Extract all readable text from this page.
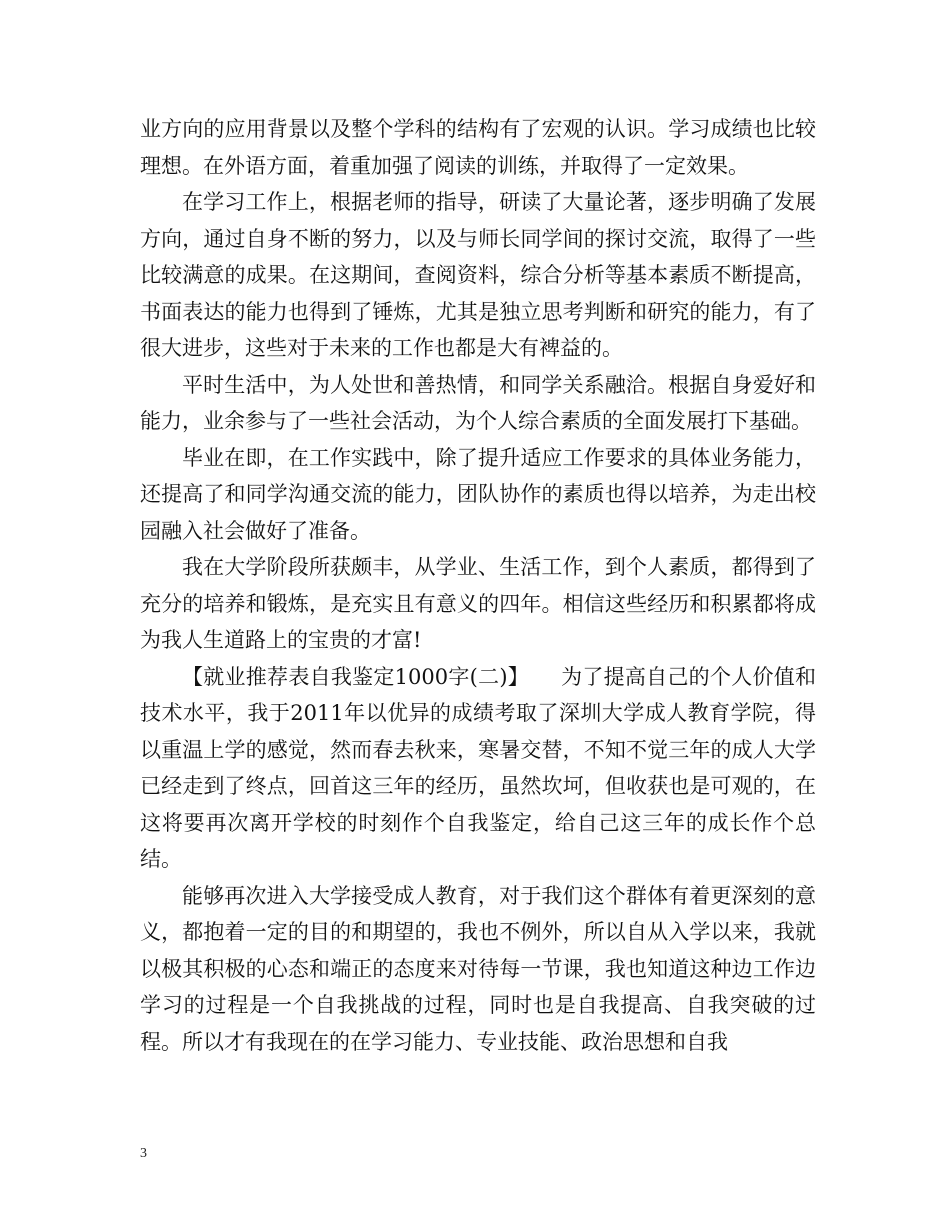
业方向的应用背景以及整个学科的结构有了宏观的认识。学习成绩也比较理想。在外语方面，着重加强了阅读的训练，并取得了一定效果。

在学习工作上，根据老师的指导，研读了大量论著，逐步明确了发展方向，通过自身不断的努力，以及与师长同学间的探讨交流，取得了一些比较满意的成果。在这期间，查阅资料，综合分析等基本素质不断提高，书面表达的能力也得到了锤炼，尤其是独立思考判断和研究的能力，有了很大进步，这些对于未来的工作也都是大有裨益的。

平时生活中，为人处世和善热情，和同学关系融洽。根据自身爱好和能力，业余参与了一些社会活动，为个人综合素质的全面发展打下基础。

毕业在即，在工作实践中，除了提升适应工作要求的具体业务能力，还提高了和同学沟通交流的能力，团队协作的素质也得以培养，为走出校园融入社会做好了准备。

我在大学阶段所获颇丰，从学业、生活工作，到个人素质，都得到了充分的培养和锻炼，是充实且有意义的四年。相信这些经历和积累都将成为我人生道路上的宝贵的才富!

【就业推荐表自我鉴定1000字(二)】　　为了提高自己的个人价值和技术水平，我于2011年以优异的成绩考取了深圳大学成人教育学院，得以重温上学的感觉，然而春去秋来，寒暑交替，不知不觉三年的成人大学已经走到了终点，回首这三年的经历，虽然坎坷，但收获也是可观的，在这将要再次离开学校的时刻作个自我鉴定，给自己这三年的成长作个总结。

能够再次进入大学接受成人教育，对于我们这个群体有着更深刻的意义，都抱着一定的目的和期望的，我也不例外，所以自从入学以来，我就以极其积极的心态和端正的态度来对待每一节课，我也知道这种边工作边学习的过程是一个自我挑战的过程，同时也是自我提高、自我突破的过程。所以才有我现在的在学习能力、专业技能、政治思想和自我

3
